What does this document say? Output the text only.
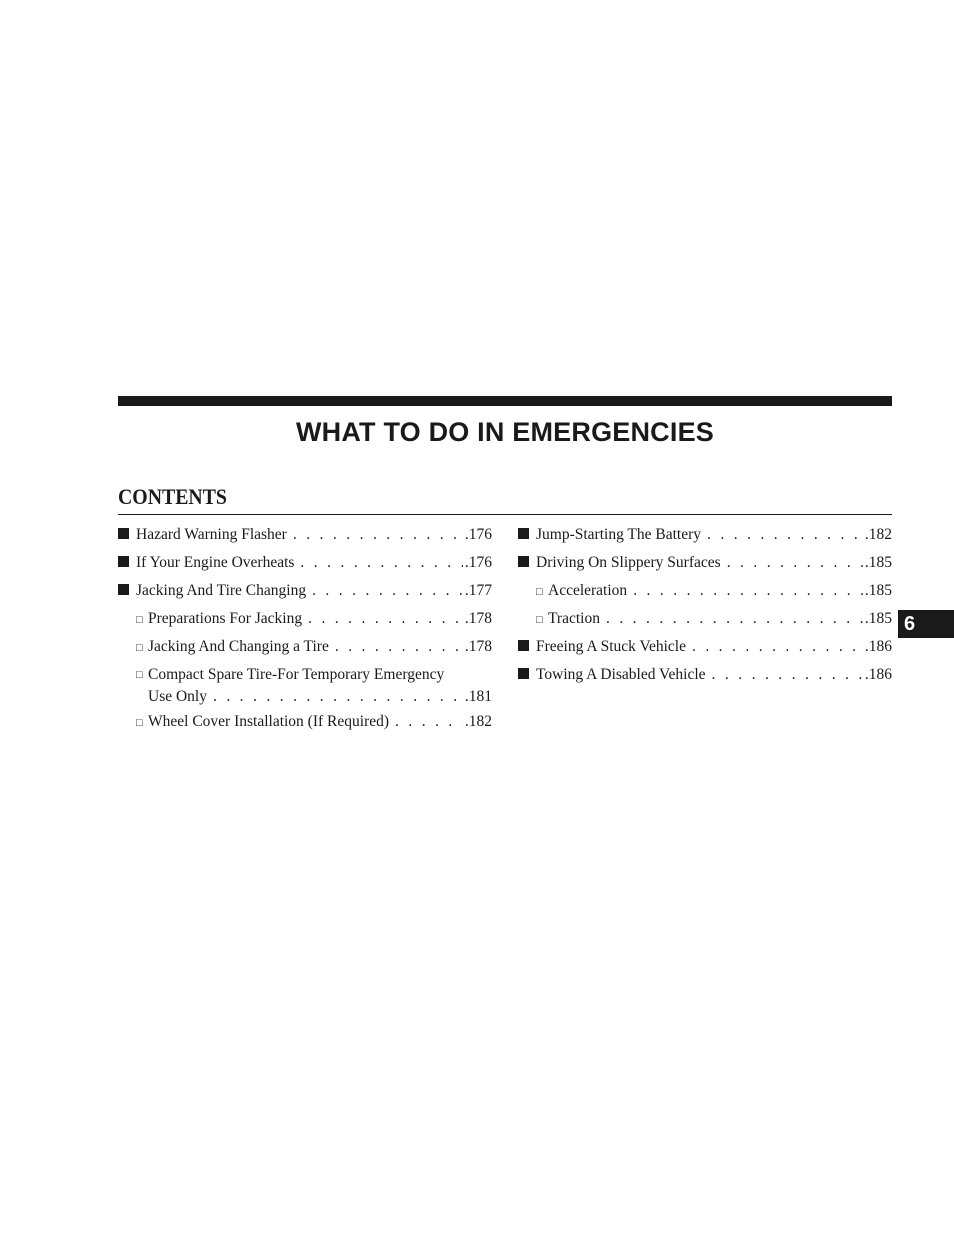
WHAT TO DO IN EMERGENCIES
CONTENTS
Hazard Warning Flasher . . .	.176
If Your Engine Overheats . . .	.176
Jacking And Tire Changing . . .	.177
□ Preparations For Jacking . . .	.178
□ Jacking And Changing a Tire . . .	.178
□ Compact Spare Tire-For Temporary Emergency
Use Only . . .	.181
□ Wheel Cover Installation (If Required) . . .	.182
Jump-Starting The Battery . . .	.182
Driving On Slippery Surfaces . . .	.185
□ Acceleration . . .	.185
□ Traction . . .	.185
Freeing A Stuck Vehicle . . .	.186
Towing A Disabled Vehicle . . .	.186
6
